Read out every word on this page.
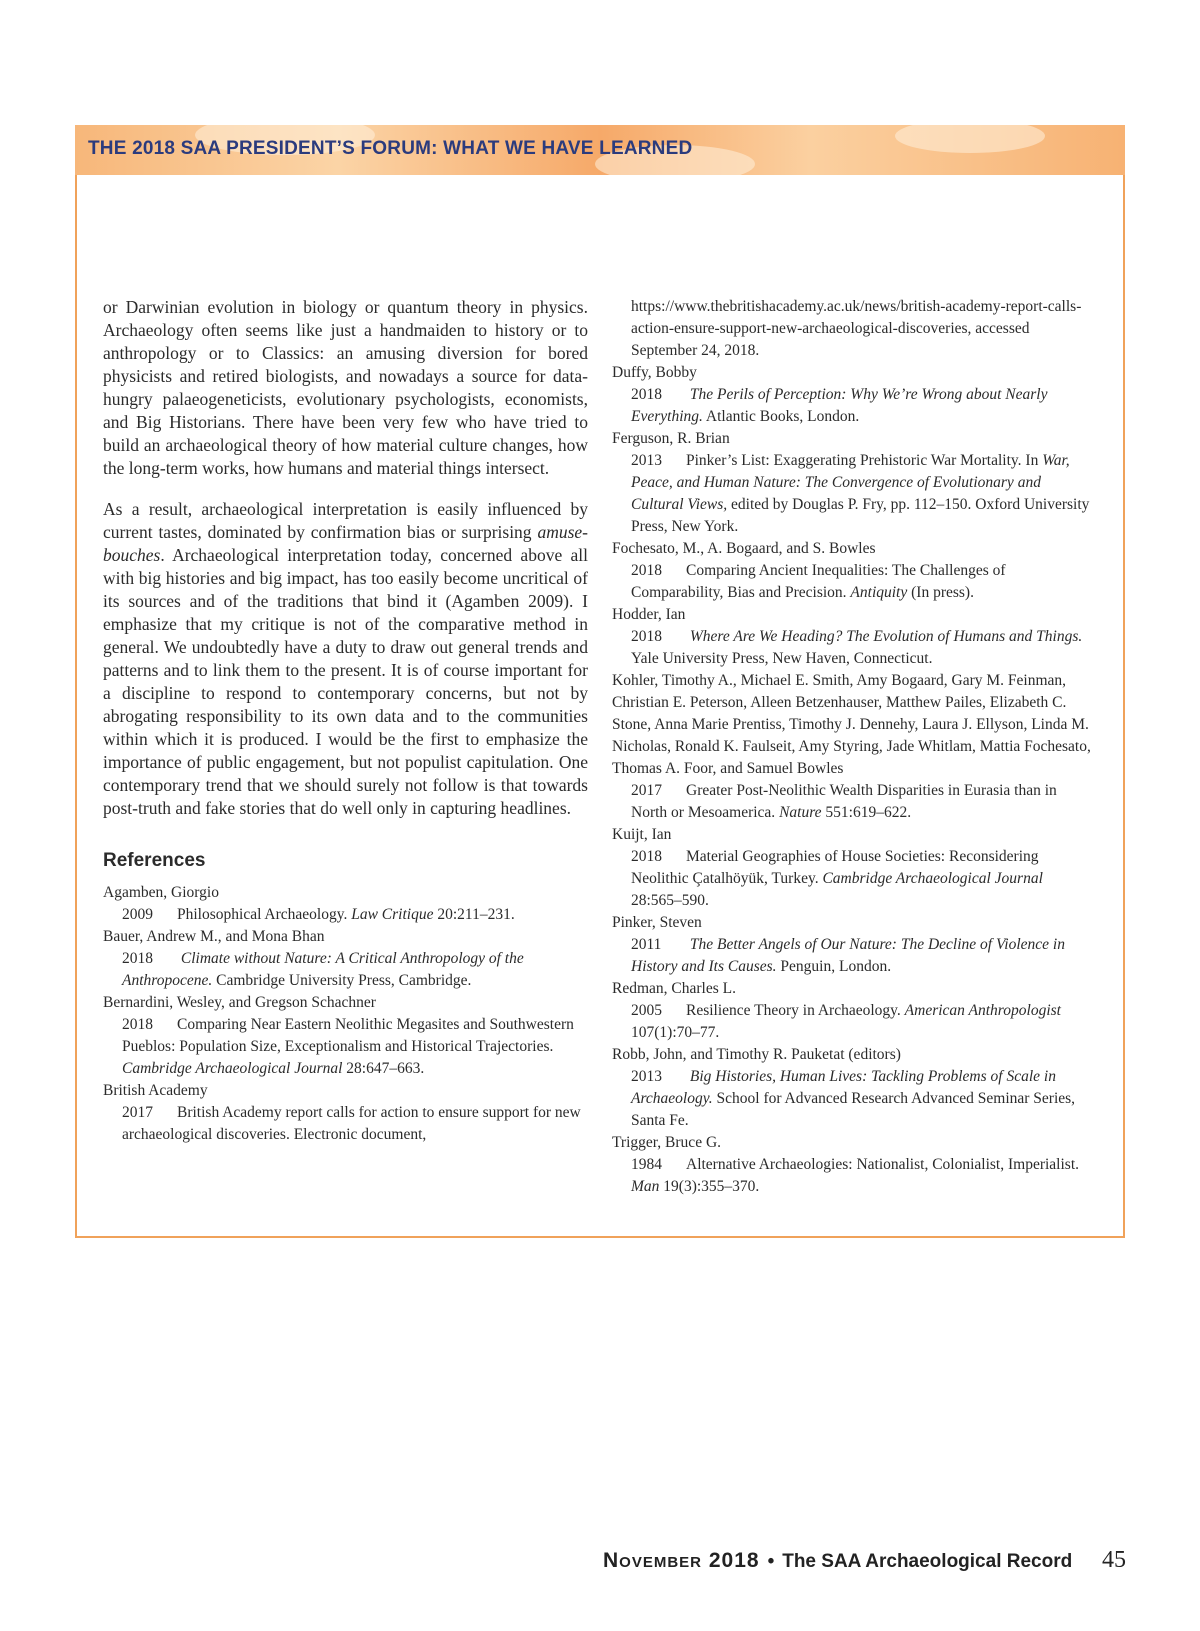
THE 2018 SAA PRESIDENT’S FORUM: WHAT WE HAVE LEARNED

or Darwinian evolution in biology or quantum theory in physics. Archaeology often seems like just a handmaiden to history or to anthropology or to Classics: an amusing diversion for bored physicists and retired biologists, and nowadays a source for data-hungry palaeogeneticists, evolutionary psychologists, economists, and Big Historians. There have been very few who have tried to build an archaeological theory of how material culture changes, how the long-term works, how humans and material things intersect.

As a result, archaeological interpretation is easily influenced by current tastes, dominated by confirmation bias or surprising amuse-bouches. Archaeological interpretation today, concerned above all with big histories and big impact, has too easily become uncritical of its sources and of the traditions that bind it (Agamben 2009). I emphasize that my critique is not of the comparative method in general. We undoubtedly have a duty to draw out general trends and patterns and to link them to the present. It is of course important for a discipline to respond to contemporary concerns, but not by abrogating responsibility to its own data and to the communities within which it is produced. I would be the first to emphasize the importance of public engagement, but not populist capitulation. One contemporary trend that we should surely not follow is that towards post-truth and fake stories that do well only in capturing headlines.

References

Agamben, Giorgio

2009 Philosophical Archaeology. Law Critique 20:211–231.

Bauer, Andrew M., and Mona Bhan

2018 Climate without Nature: A Critical Anthropology of the Anthropocene. Cambridge University Press, Cambridge.

Bernardini, Wesley, and Gregson Schachner

2018 Comparing Near Eastern Neolithic Megasites and Southwestern Pueblos: Population Size, Exceptionalism and Historical Trajectories. Cambridge Archaeological Journal 28:647–663.

British Academy

2017 British Academy report calls for action to ensure support for new archaeological discoveries. Electronic document,

https://www.thebritishacademy.ac.uk/news/british-academy-report-calls-action-ensure-support-new-archaeological-discoveries, accessed September 24, 2018.

Duffy, Bobby

2018 The Perils of Perception: Why We’re Wrong about Nearly Everything. Atlantic Books, London.

Ferguson, R. Brian

2013 Pinker’s List: Exaggerating Prehistoric War Mortality. In War, Peace, and Human Nature: The Convergence of Evolutionary and Cultural Views, edited by Douglas P. Fry, pp. 112–150. Oxford University Press, New York.

Fochesato, M., A. Bogaard, and S. Bowles

2018 Comparing Ancient Inequalities: The Challenges of Comparability, Bias and Precision. Antiquity (In press).

Hodder, Ian

2018 Where Are We Heading? The Evolution of Humans and Things. Yale University Press, New Haven, Connecticut.

Kohler, Timothy A., Michael E. Smith, Amy Bogaard, Gary M. Feinman, Christian E. Peterson, Alleen Betzenhauser, Matthew Pailes, Elizabeth C. Stone, Anna Marie Prentiss, Timothy J. Dennehy, Laura J. Ellyson, Linda M. Nicholas, Ronald K. Faulseit, Amy Styring, Jade Whitlam, Mattia Fochesato, Thomas A. Foor, and Samuel Bowles

2017 Greater Post-Neolithic Wealth Disparities in Eurasia than in North or Mesoamerica. Nature 551:619–622.

Kuijt, Ian

2018 Material Geographies of House Societies: Reconsidering Neolithic Çatalhöyük, Turkey. Cambridge Archaeological Journal 28:565–590.

Pinker, Steven

2011 The Better Angels of Our Nature: The Decline of Violence in History and Its Causes. Penguin, London.

Redman, Charles L.

2005 Resilience Theory in Archaeology. American Anthropologist 107(1):70–77.

Robb, John, and Timothy R. Pauketat (editors)

2013 Big Histories, Human Lives: Tackling Problems of Scale in Archaeology. School for Advanced Research Advanced Seminar Series, Santa Fe.

Trigger, Bruce G.

1984 Alternative Archaeologies: Nationalist, Colonialist, Imperialist. Man 19(3):355–370.

November 2018 • The SAA Archaeological Record 45
